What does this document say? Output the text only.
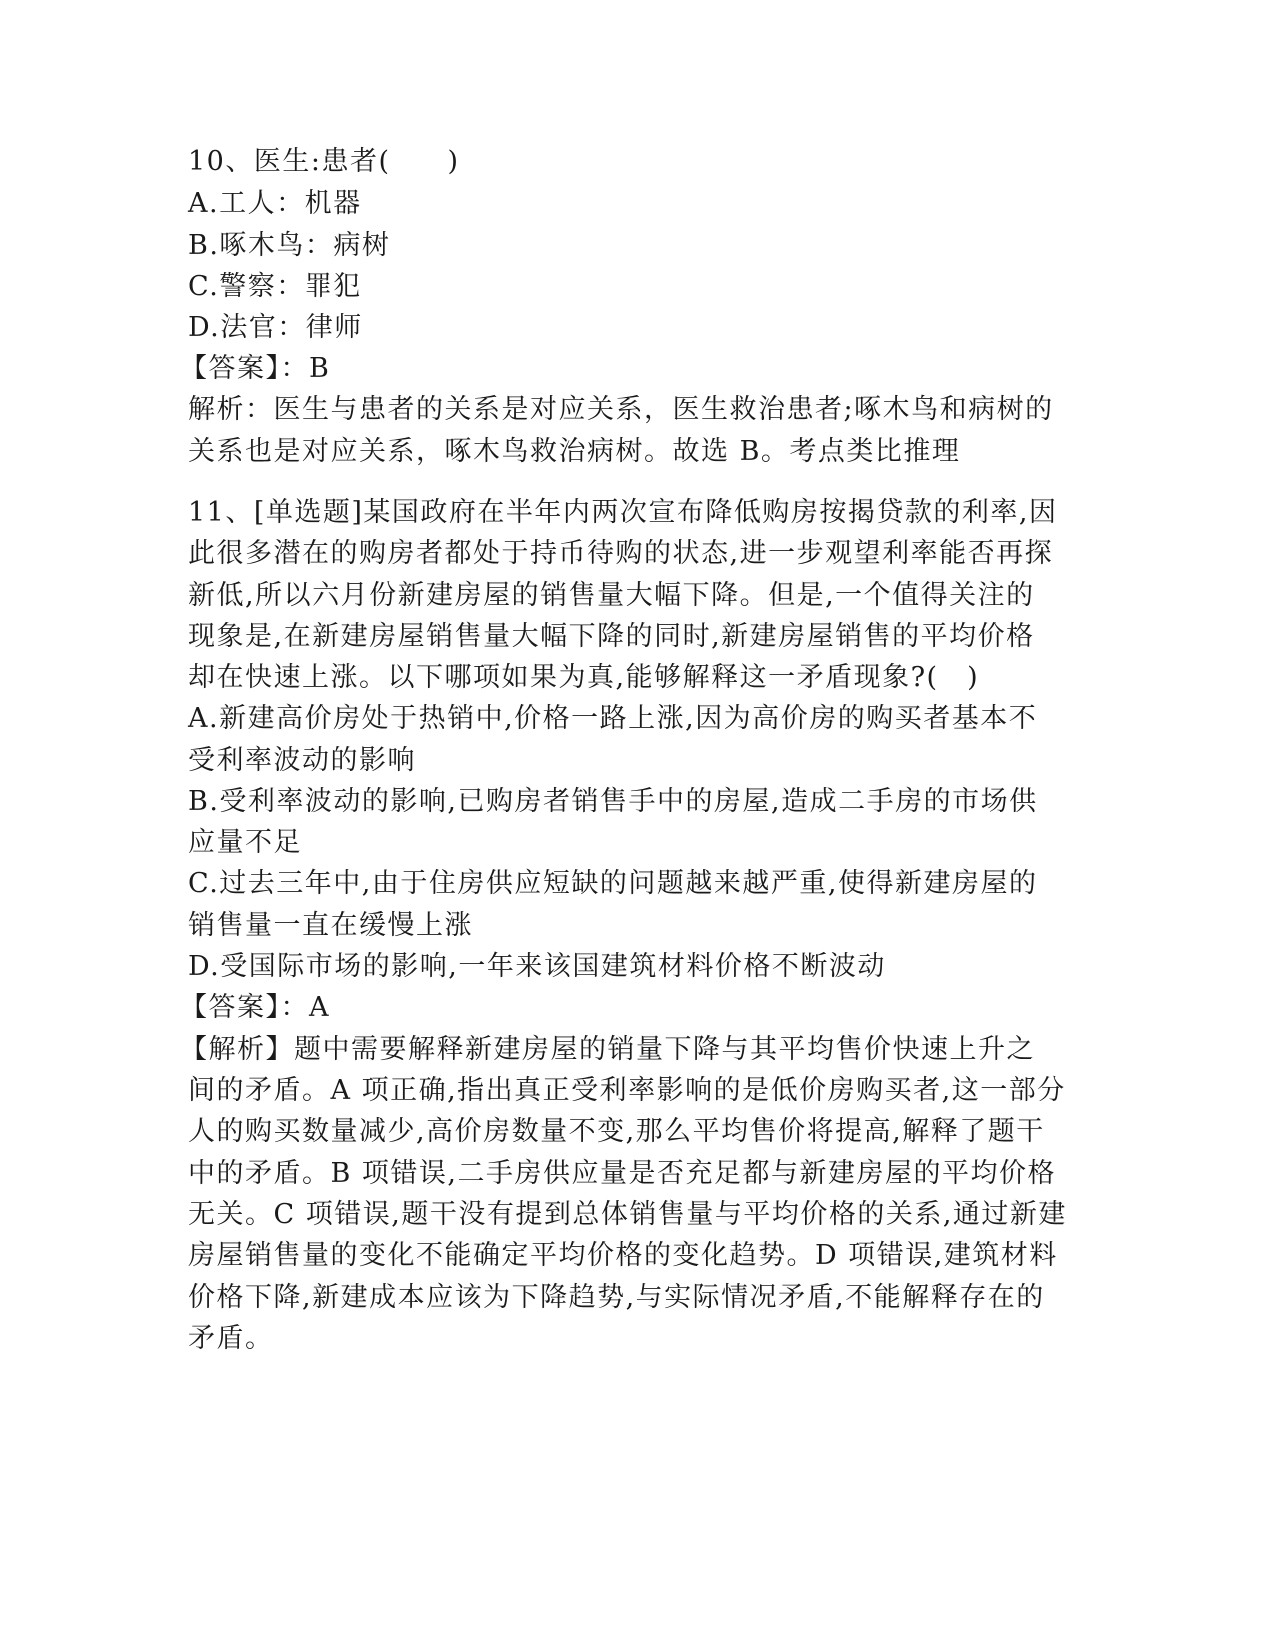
10、医生:患者(　　)
A.工人：机器
B.啄木鸟：病树
C.警察：罪犯
D.法官：律师
【答案】：B
解析：医生与患者的关系是对应关系，医生救治患者;啄木鸟和病树的
关系也是对应关系，啄木鸟救治病树。故选 B。考点类比推理
11、[单选题]某国政府在半年内两次宣布降低购房按揭贷款的利率,因
此很多潜在的购房者都处于持币待购的状态,进一步观望利率能否再探
新低,所以六月份新建房屋的销售量大幅下降。但是,一个值得关注的
现象是,在新建房屋销售量大幅下降的同时,新建房屋销售的平均价格
却在快速上涨。以下哪项如果为真,能够解释这一矛盾现象?(　)
A.新建高价房处于热销中,价格一路上涨,因为高价房的购买者基本不
受利率波动的影响
B.受利率波动的影响,已购房者销售手中的房屋,造成二手房的市场供
应量不足
C.过去三年中,由于住房供应短缺的问题越来越严重,使得新建房屋的
销售量一直在缓慢上涨
D.受国际市场的影响,一年来该国建筑材料价格不断波动
【答案】：A
【解析】题中需要解释新建房屋的销量下降与其平均售价快速上升之
间的矛盾。A 项正确,指出真正受利率影响的是低价房购买者,这一部分
人的购买数量减少,高价房数量不变,那么平均售价将提高,解释了题干
中的矛盾。B 项错误,二手房供应量是否充足都与新建房屋的平均价格
无关。C 项错误,题干没有提到总体销售量与平均价格的关系,通过新建
房屋销售量的变化不能确定平均价格的变化趋势。D 项错误,建筑材料
价格下降,新建成本应该为下降趋势,与实际情况矛盾,不能解释存在的
矛盾。
